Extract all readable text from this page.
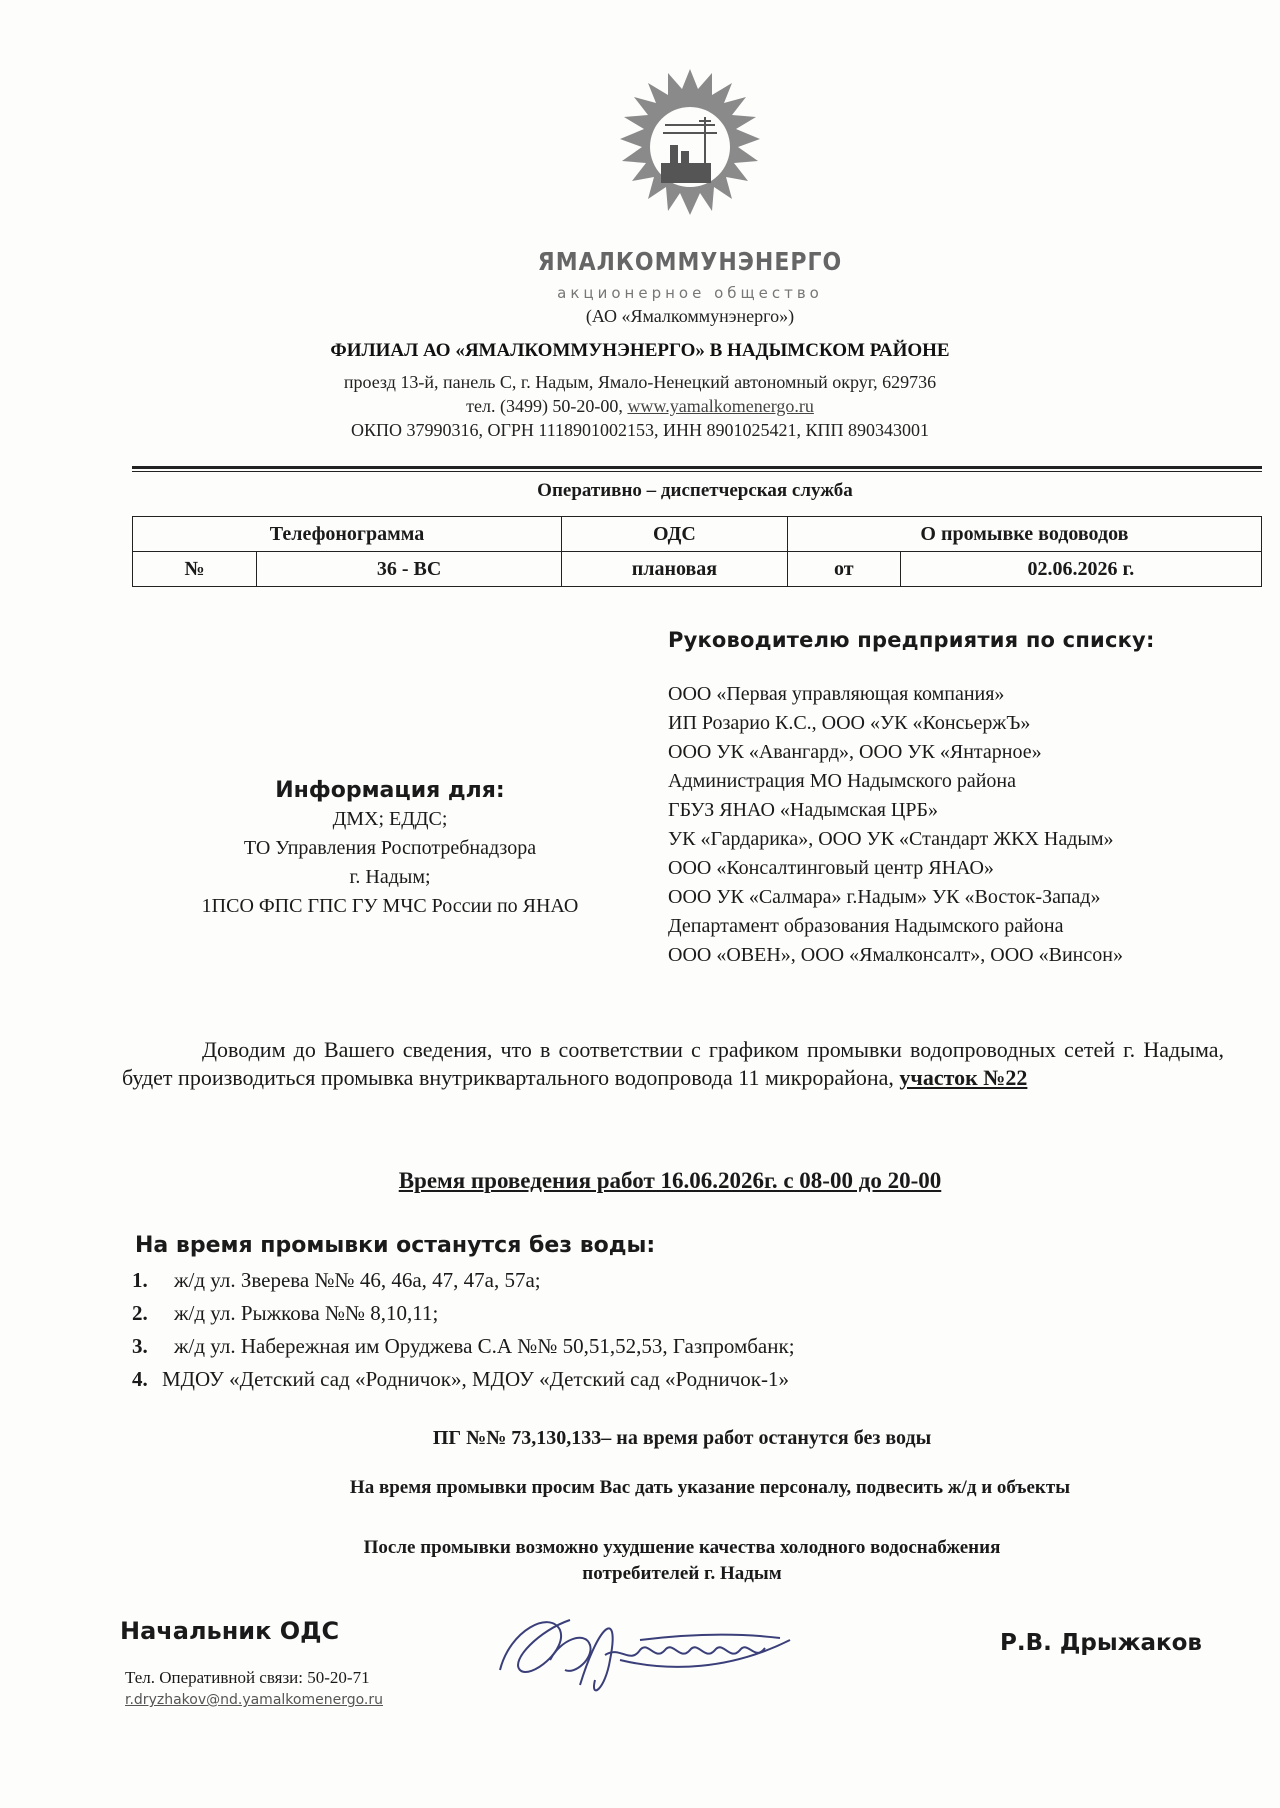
ЯМАЛКОММУНЭНЕРГО
акционерное общество
(АО «Ямалкоммунэнерго»)
ФИЛИАЛ АО «ЯМАЛКОММУНЭНЕРГО» В НАДЫМСКОМ РАЙОНЕ
проезд 13-й, панель С, г. Надым, Ямало-Ненецкий автономный округ, 629736
тел. (3499) 50-20-00, www.yamalkomenergo.ru
ОКПО 37990316, ОГРН 1118901002153, ИНН 8901025421, КПП 890343001
Оперативно – диспетчерская служба
Телефонограмма		ОДС	О промывке водоводов	
№	36 - ВС	плановая	от	02.06.2026 г.
Руководителю предприятия по списку:
ООО «Первая управляющая компания»
ИП Розарио К.С., ООО «УК «КонсьержЪ»
ООО УК «Авангард», ООО УК «Янтарное»
Администрация МО Надымского района
ГБУЗ ЯНАО «Надымская ЦРБ»
УК «Гардарика», ООО УК «Стандарт ЖКХ Надым»
ООО «Консалтинговый центр ЯНАО»
ООО УК «Салмара» г.Надым» УК «Восток-Запад»
Департамент образования Надымского района
ООО «ОВЕН», ООО «Ямалконсалт», ООО «Винсон»
Информация для:
ДМХ; ЕДДС;
ТО Управления Роспотребнадзора
г. Надым;
1ПСО ФПС ГПС ГУ МЧС России по ЯНАО
Доводим до Вашего сведения, что в соответствии с графиком промывки водопроводных сетей г. Надыма, будет производиться промывка внутриквартального водопровода 11 микрорайона, участок №22
Время проведения работ 16.06.2026г. с 08-00 до 20-00
На время промывки останутся без воды:
1. ж/д ул. Зверева №№ 46, 46а, 47, 47а, 57а;
2. ж/д ул. Рыжкова №№ 8,10,11;
3. ж/д ул. Набережная им Оруджева С.А №№ 50,51,52,53, Газпромбанк;
4. МДОУ «Детский сад «Родничок», МДОУ «Детский сад «Родничок-1»
ПГ №№ 73,130,133– на время работ останутся без воды
На время промывки просим Вас дать указание персоналу, подвесить ж/д и объекты
После промывки возможно ухудшение качества холодного водоснабжения
потребителей г. Надым
Начальник ОДС	Р.В. Дрыжаков
Тел. Оперативной связи: 50-20-71
r.dryzhakov@nd.yamalkomenergo.ru
